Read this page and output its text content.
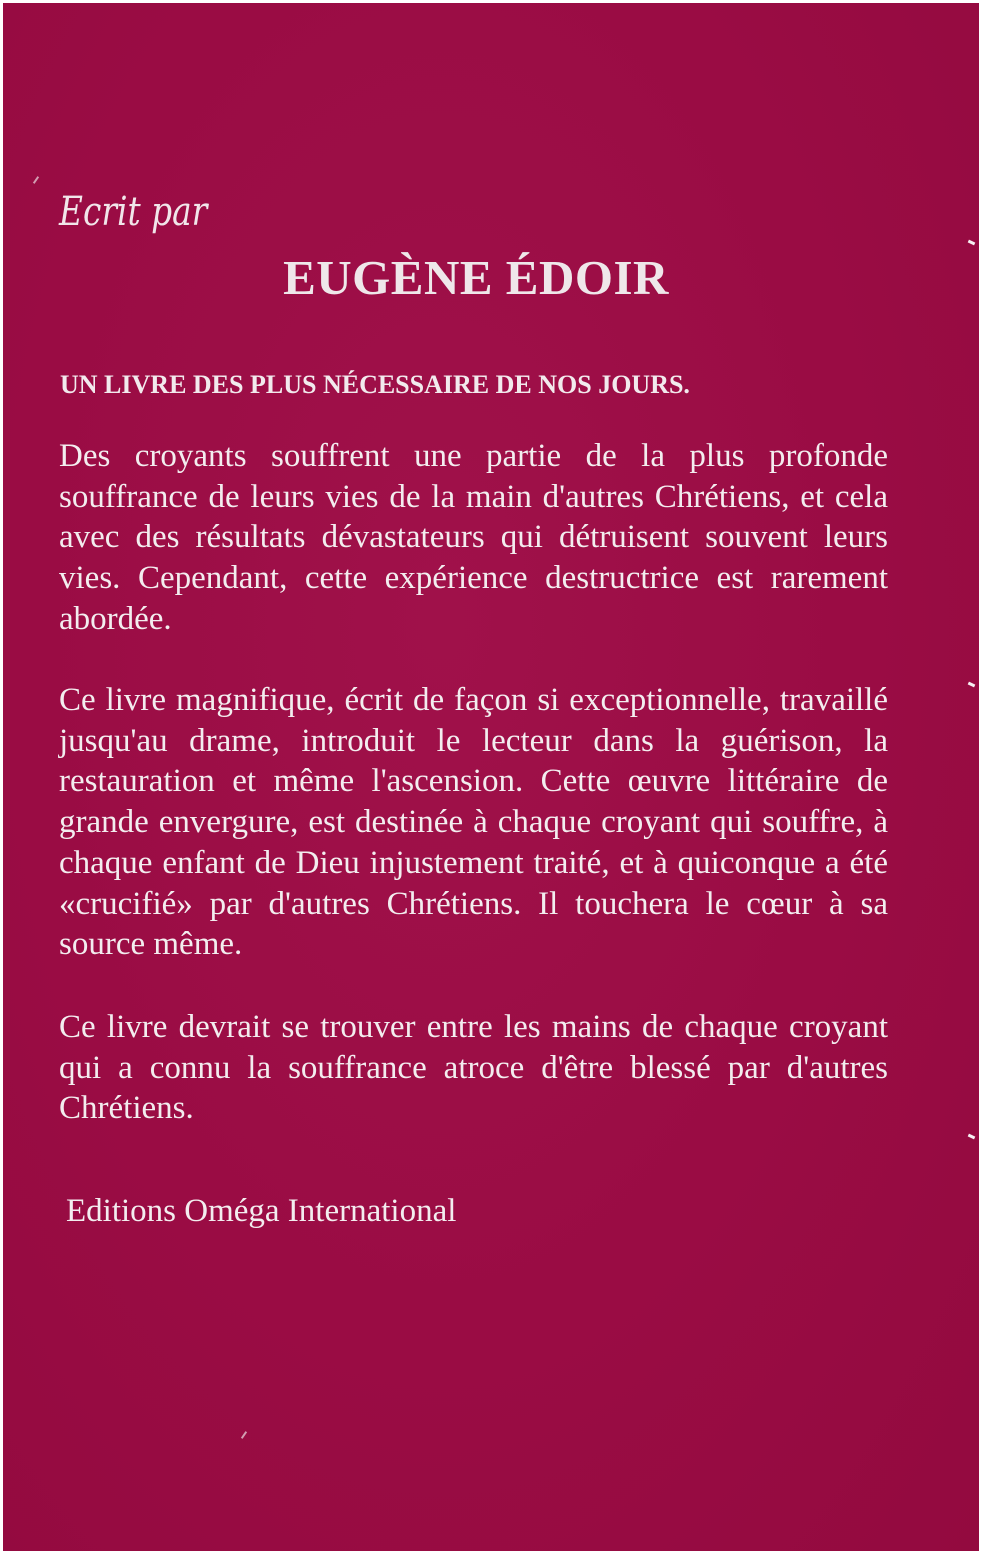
Ecrit par
EUGÈNE ÉDOIR
UN LIVRE DES PLUS NÉCESSAIRE DE NOS JOURS.
Des croyants souffrent une partie de la plus profonde souffrance de leurs vies de la main d'autres Chrétiens, et cela avec des résultats dévastateurs qui détruisent souvent leurs vies. Cependant, cette expérience destructrice est rarement abordée.
Ce livre magnifique, écrit de façon si exceptionnelle, travaillé jusqu'au drame, introduit le lecteur dans la guérison, la restauration et même l'ascension. Cette œuvre littéraire de grande envergure, est destinée à chaque croyant qui souffre, à chaque enfant de Dieu injustement traité, et à quiconque a été «crucifié» par d'autres Chrétiens. Il touchera le cœur à sa source même.
Ce livre devrait se trouver entre les mains de chaque croyant qui a connu la souffrance atroce d'être blessé par d'autres Chrétiens.
Editions Oméga International
